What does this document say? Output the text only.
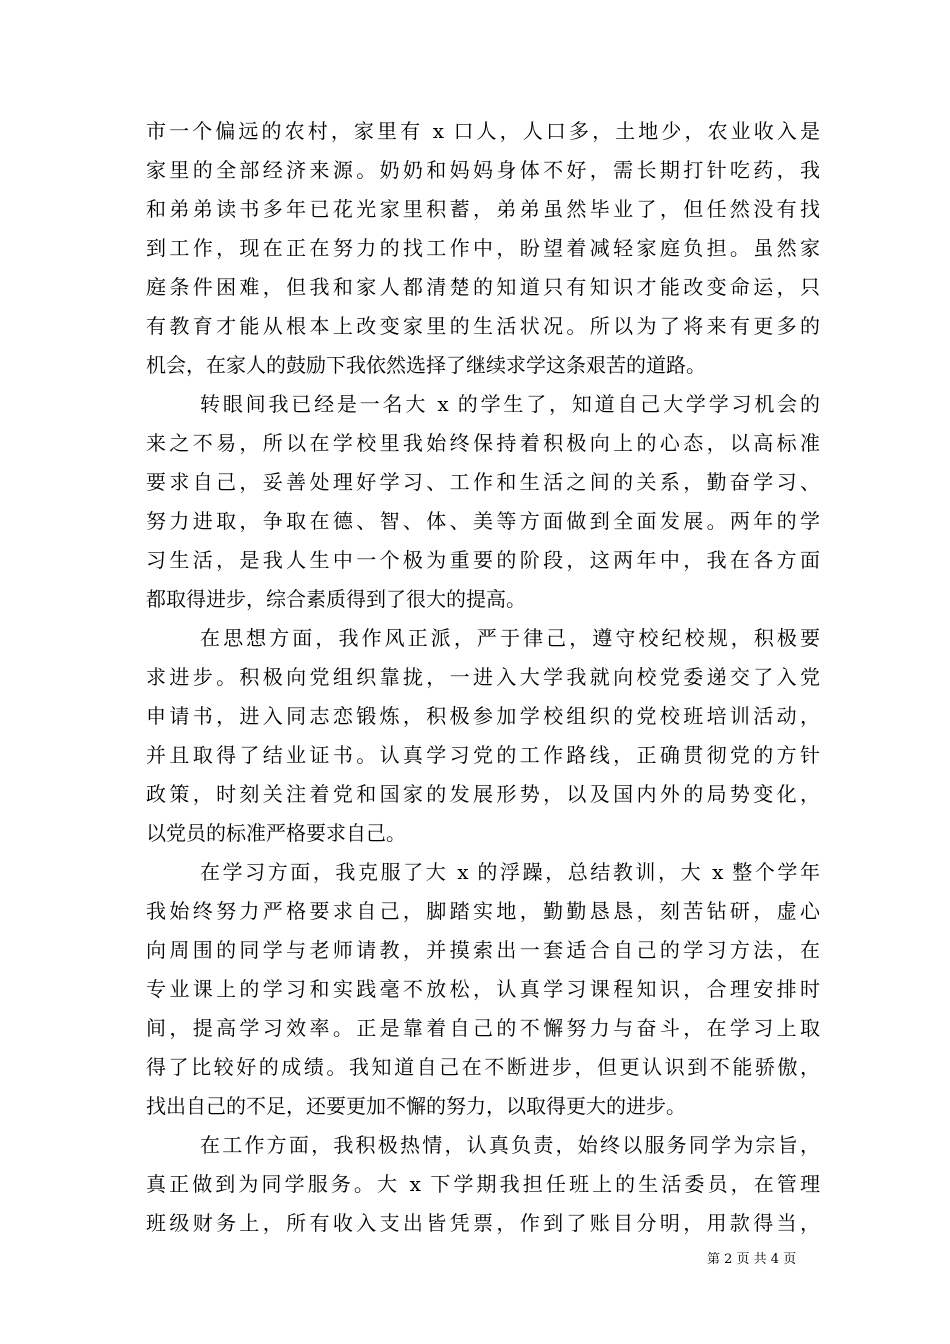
市一个偏远的农村，家里有 x 口人，人口多，土地少，农业收入是
家里的全部经济来源。奶奶和妈妈身体不好，需长期打针吃药，我
和弟弟读书多年已花光家里积蓄，弟弟虽然毕业了，但任然没有找
到工作，现在正在努力的找工作中，盼望着减轻家庭负担。虽然家
庭条件困难，但我和家人都清楚的知道只有知识才能改变命运，只
有教育才能从根本上改变家里的生活状况。所以为了将来有更多的
机会，在家人的鼓励下我依然选择了继续求学这条艰苦的道路。
转眼间我已经是一名大 x 的学生了，知道自己大学学习机会的
来之不易，所以在学校里我始终保持着积极向上的心态，以高标准
要求自己，妥善处理好学习、工作和生活之间的关系，勤奋学习、
努力进取，争取在德、智、体、美等方面做到全面发展。两年的学
习生活，是我人生中一个极为重要的阶段，这两年中，我在各方面
都取得进步，综合素质得到了很大的提高。
在思想方面，我作风正派，严于律己，遵守校纪校规，积极要
求进步。积极向党组织靠拢，一进入大学我就向校党委递交了入党
申请书，进入同志恋锻炼，积极参加学校组织的党校班培训活动，
并且取得了结业证书。认真学习党的工作路线，正确贯彻党的方针
政策，时刻关注着党和国家的发展形势，以及国内外的局势变化，
以党员的标准严格要求自己。
在学习方面，我克服了大 x 的浮躁，总结教训，大 x 整个学年
我始终努力严格要求自己，脚踏实地，勤勤恳恳，刻苦钻研，虚心
向周围的同学与老师请教，并摸索出一套适合自己的学习方法，在
专业课上的学习和实践毫不放松，认真学习课程知识，合理安排时
间，提高学习效率。正是靠着自己的不懈努力与奋斗，在学习上取
得了比较好的成绩。我知道自己在不断进步，但更认识到不能骄傲，
找出自己的不足，还要更加不懈的努力，以取得更大的进步。
在工作方面，我积极热情，认真负责，始终以服务同学为宗旨，
真正做到为同学服务。大 x 下学期我担任班上的生活委员，在管理
班级财务上，所有收入支出皆凭票，作到了账目分明，用款得当，
第 2 页 共 4 页
